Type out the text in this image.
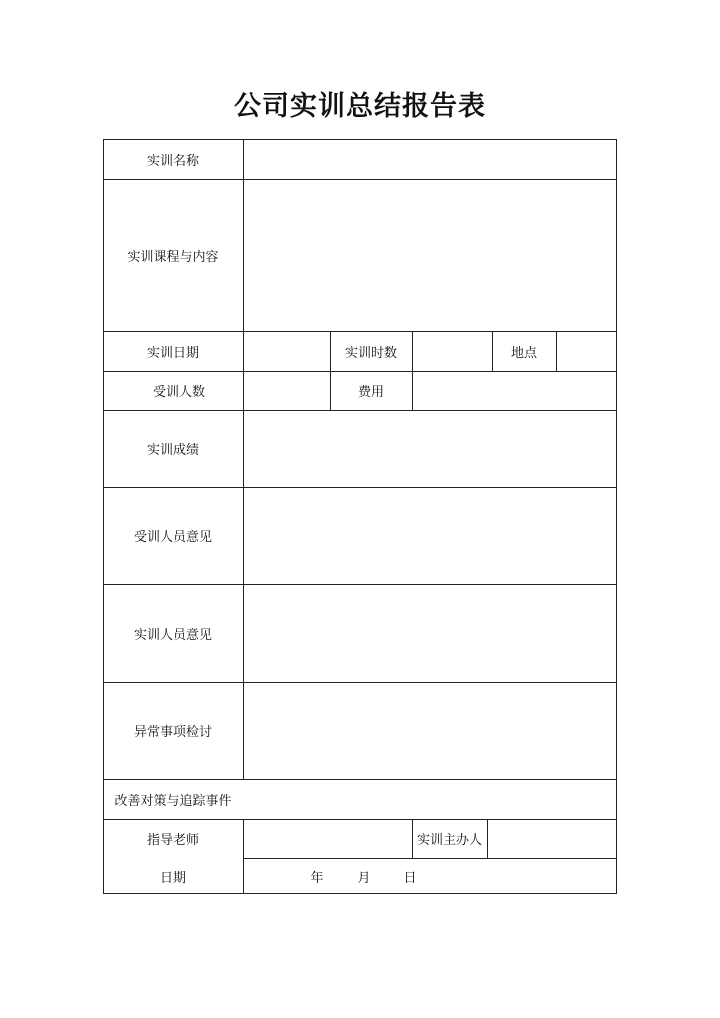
公司实训总结报告表
实训名称
实训课程与内容
实训日期	实训时数	地点
受训人数	费用
实训成绩
受训人员意见
实训人员意见
异常事项检讨
改善对策与追踪事件
指导老师	实训主办人
日期	年	月	日
